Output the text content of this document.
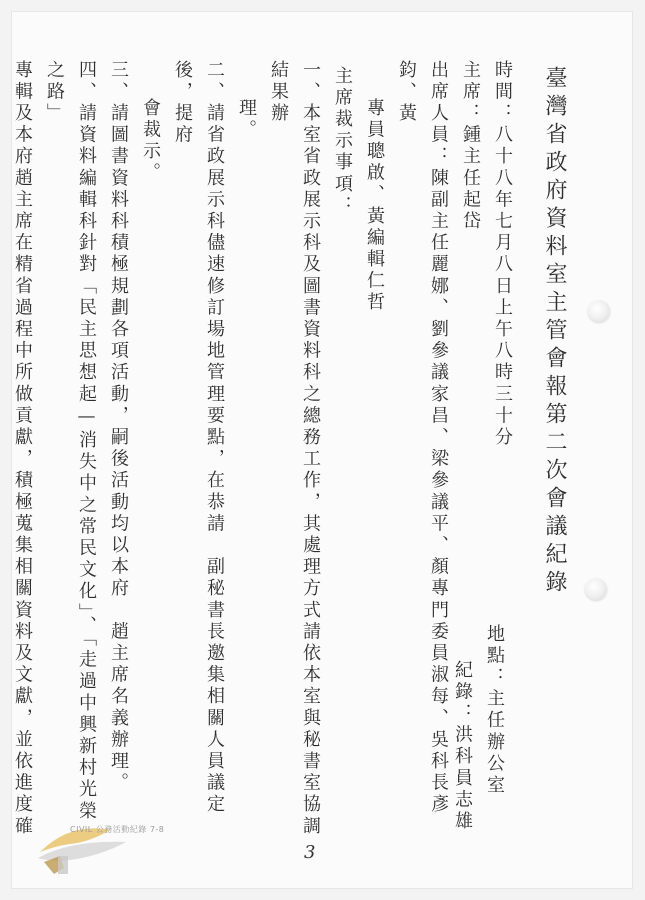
臺灣省政府資料室主管會報第二次會議紀錄
時間：八十八年七月八日上午八時三十分
主席：鍾主任起岱
出席人員：陳副主任麗娜、劉參議家昌、梁參議平、顏專門委員淑每、吳科長彥鈞、黃
專員聰啟、黃編輯仁哲
主席裁示事項：
一、本室省政展示科及圖書資料科之總務工作，其處理方式請依本室與秘書室協調結果辦
理。
二、請省政展示科儘速修訂場地管理要點，在恭請　副秘書長邀集相關人員議定後，提府
會裁示。
三、請圖書資料科積極規劃各項活動，嗣後活動均以本府　趙主席名義辦理。
四、請資料編輯科針對「民主思想起—消失中之常民文化」、「走過中興新村光榮之路」
專輯及本府趙主席在精省過程中所做貢獻，積極蒐集相關資料及文獻，並依進度確
地點：主任辦公室
紀錄：洪科員志雄
3
CIVIL 公務活動紀錄 7-8
